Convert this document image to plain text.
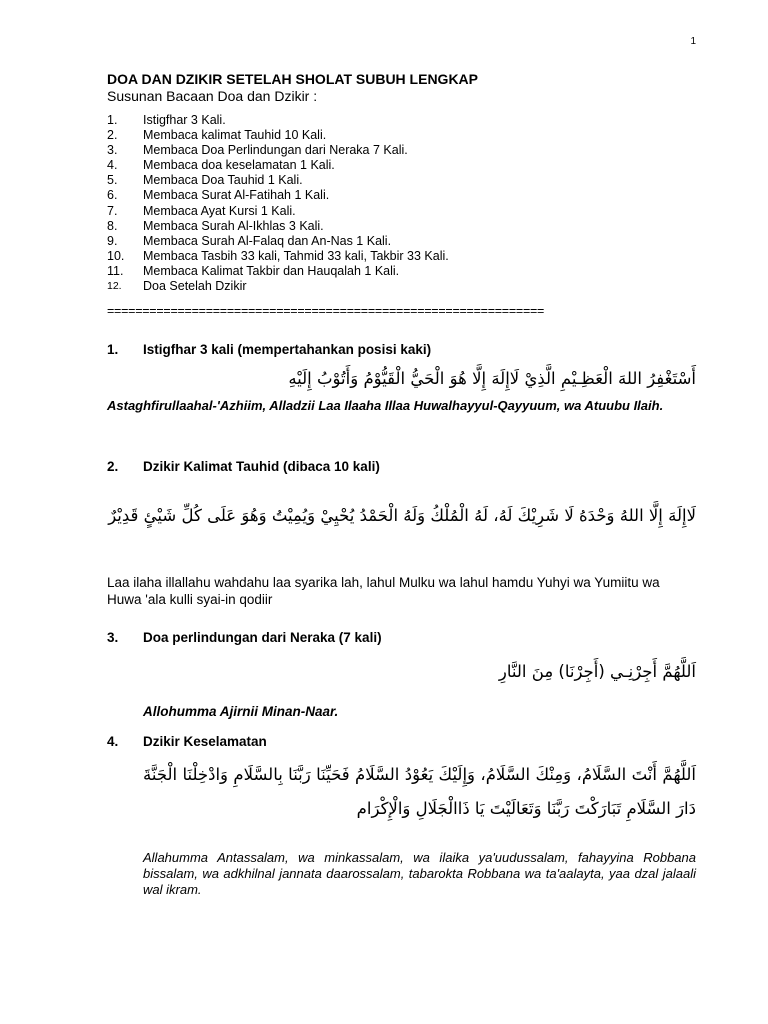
1
DOA DAN DZIKIR SETELAH SHOLAT SUBUH LENGKAP

Susunan Bacaan Doa dan Dzikir :

1.	Istigfhar 3 Kali.
2.	Membaca kalimat Tauhid 10 Kali.
3.	Membaca Doa Perlindungan dari Neraka 7 Kali.
4.	Membaca doa keselamatan 1 Kali.
5.	Membaca Doa Tauhid 1 Kali.
6.	Membaca Surat Al-Fatihah 1 Kali.
7.	Membaca Ayat Kursi 1 Kali.
8.	Membaca Surah Al-Ikhlas 3 Kali.
9.	Membaca Surah Al-Falaq dan An-Nas 1 Kali.
10.	Membaca Tasbih 33 kali, Tahmid 33 kali, Takbir 33 Kali.
11.	Membaca Kalimat Takbir dan Hauqalah 1 Kali.
12.	Doa Setelah Dzikir
==============================================================
1.	Istigfhar 3 kali (mempertahankan posisi kaki)
أَسْتَغْفِرُ اللهَ الْعَظِـيْمِ الَّذِيْ لَاإِلَهَ إِلَّا هُوَ الْحَيُّ الْقَيُّوْمُ وَأَتُوْبُ إِلَيْهِ
Astaghfirullaahal-'Azhiim, Alladzii Laa Ilaaha Illaa Huwalhayyul-Qayyuum, wa Atuubu Ilaih.
2.	Dzikir Kalimat Tauhid (dibaca 10 kali)
لَاإِلَهَ إِلَّا اللهُ وَحْدَهُ لَا شَرِيْكَ لَهُ، لَهُ الْمُلْكُ وَلَهُ الْحَمْدُ يُحْيِيْ وَيُمِيْتُ وَهُوَ عَلَى كُلِّ شَيْئٍ قَدِيْرٌ
Laa ilaha illallahu wahdahu laa syarika lah, lahul Mulku wa lahul hamdu Yuhyi wa Yumiitu wa Huwa 'ala kulli syai-in qodiir
3.	Doa perlindungan dari Neraka (7 kali)
اَللَّهُمَّ أَجِرْنِـي (أَجِرْنَا) مِنَ النَّارِ
Allohumma Ajirnii Minan-Naar.
4.	Dzikir Keselamatan
اَللَّهُمَّ أَنْتَ السَّلَامُ، وَمِنْكَ السَّلَامُ، وَإِلَيْكَ يَعُوْدُ السَّلَامُ فَحَيِّنَا رَبَّنَا بِالسَّلَامِ وَادْخِلْنَا الْجَنَّةَ دَارَ السَّلَامِ تَبَارَكْتَ رَبَّنَا وَتَعَالَيْتَ يَا ذَاالْجَلَالِ وَالْإِكْرَام
Allahumma Antassalam, wa minkassalam, wa ilaika ya'uudussalam, fahayyina Robbana bissalam, wa adkhilnal jannata daarossalam, tabarokta Robbana wa ta'aalayta, yaa dzal jalaali wal ikram.
